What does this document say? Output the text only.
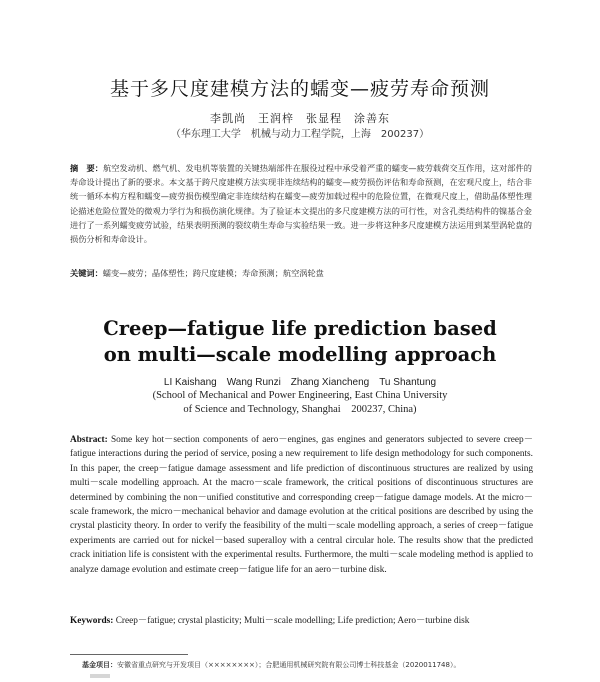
基于多尺度建模方法的蠕变—疲劳寿命预测
李凯尚　王润梓　张显程　涂善东
（华东理工大学　机械与动力工程学院，上海　200237）
摘　要：航空发动机、燃气机、发电机等装置的关键热端部件在服役过程中承受着严重的蠕变—疲劳载荷交互作用，这对部件的寿命设计提出了新的要求。本文基于跨尺度建模方法实现非连续结构的蠕变—疲劳损伤评估和寿命预测，在宏观尺度上，结合非统一循环本构方程和蠕变—疲劳损伤模型确定非连续结构在蠕变—疲劳加载过程中的危险位置，在微观尺度上，借助晶体塑性理论描述危险位置处的微观力学行为和损伤演化规律。为了验证本文提出的多尺度建模方法的可行性，对含孔类结构件的镍基合金进行了一系列蠕变疲劳试验，结果表明预测的裂纹萌生寿命与实验结果一致。进一步将这种多尺度建模方法运用到某型涡轮盘的损伤分析和寿命设计。
关键词：蠕变—疲劳；晶体塑性；跨尺度建模；寿命预测；航空涡轮盘
Creep—fatigue life prediction based
on multi—scale modelling approach
LI Kaishang　Wang Runzi　Zhang Xiancheng　Tu Shantung
(School of Mechanical and Power Engineering, East China University
of Science and Technology, Shanghai　200237, China)
Abstract: Some key hot－section components of aero－engines, gas engines and generators subjected to severe creep－fatigue interactions during the period of service, posing a new requirement to life design methodology for such components. In this paper, the creep－fatigue damage assessment and life prediction of discontinuous structures are realized by using multi－scale modelling approach. At the macro－scale framework, the critical positions of discontinuous structures are determined by combining the non－unified constitutive and corresponding creep－fatigue damage models. At the micro－scale framework, the micro－mechanical behavior and damage evolution at the critical positions are described by using the crystal plasticity theory. In order to verify the feasibility of the multi－scale modelling approach, a series of creep－fatigue experiments are carried out for nickel－based superalloy with a central circular hole. The results show that the predicted crack initiation life is consistent with the experimental results. Furthermore, the multi－scale modeling method is applied to analyze damage evolution and estimate creep－fatigue life for an aero－turbine disk.
Keywords: Creep－fatigue; crystal plasticity; Multi－scale modelling; Life prediction; Aero－turbine disk
基金项目：安徽省重点研究与开发项目（××××××××）；合肥通用机械研究院有限公司博士科技基金（2020011748）。
